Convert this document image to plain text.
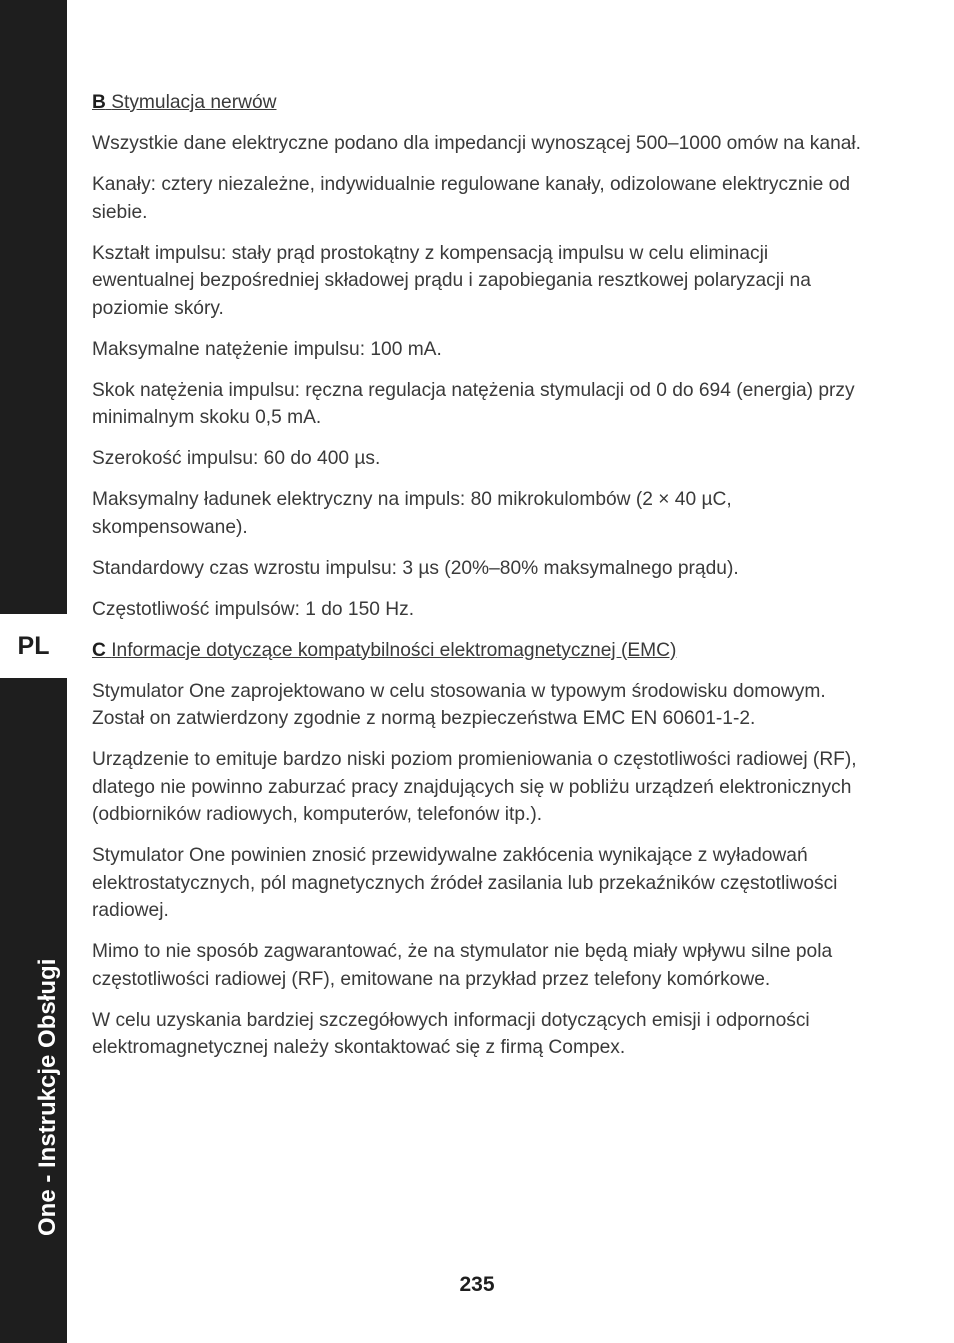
PL
One - Instrukcje Obsługi

B Stymulacja nerwów

Wszystkie dane elektryczne podano dla impedancji wynoszącej 500–1000 omów na kanał.

Kanały: cztery niezależne, indywidualnie regulowane kanały, odizolowane elektrycznie od siebie.

Kształt impulsu: stały prąd prostokątny z kompensacją impulsu w celu eliminacji ewentualnej bezpośredniej składowej prądu i zapobiegania resztkowej polaryzacji na poziomie skóry.

Maksymalne natężenie impulsu: 100 mA.

Skok natężenia impulsu: ręczna regulacja natężenia stymulacji od 0 do 694 (energia) przy minimalnym skoku 0,5 mA.

Szerokość impulsu: 60 do 400 µs.

Maksymalny ładunek elektryczny na impuls: 80 mikrokulombów (2 × 40 µC, skompensowane).

Standardowy czas wzrostu impulsu: 3 µs (20%–80% maksymalnego prądu).

Częstotliwość impulsów: 1 do 150 Hz.

C Informacje dotyczące kompatybilności elektromagnetycznej (EMC)

Stymulator One zaprojektowano w celu stosowania w typowym środowisku domowym. Został on zatwierdzony zgodnie z normą bezpieczeństwa EMC EN 60601-1-2.

Urządzenie to emituje bardzo niski poziom promieniowania o częstotliwości radiowej (RF), dlatego nie powinno zaburzać pracy znajdujących się w pobliżu urządzeń elektronicznych (odbiorników radiowych, komputerów, telefonów itp.).

Stymulator One powinien znosić przewidywalne zakłócenia wynikające z wyładowań elektrostatycznych, pól magnetycznych źródeł zasilania lub przekaźników częstotliwości radiowej.

Mimo to nie sposób zagwarantować, że na stymulator nie będą miały wpływu silne pola częstotliwości radiowej (RF), emitowane na przykład przez telefony komórkowe.

W celu uzyskania bardziej szczegółowych informacji dotyczących emisji i odporności elektromagnetycznej należy skontaktować się z firmą Compex.

235
